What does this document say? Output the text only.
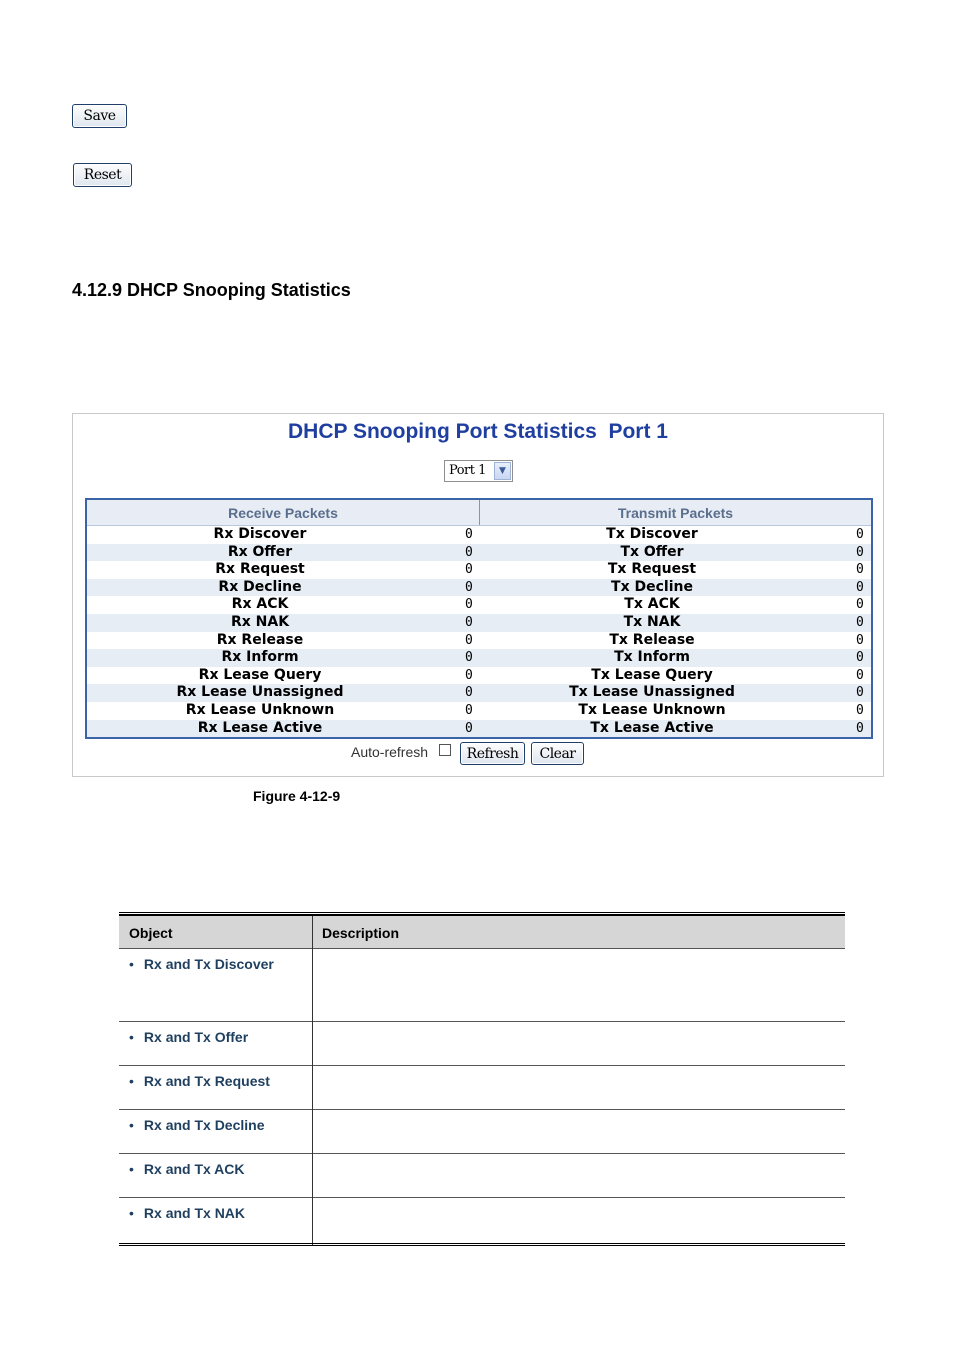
Save
Reset
4.12.9 DHCP Snooping Statistics
DHCP Snooping Port Statistics  Port 1
Port 1	▼
Receive Packets	Transmit Packets
Rx Discover	0	Tx Discover	0
Rx Offer	0	Tx Offer	0
Rx Request	0	Tx Request	0
Rx Decline	0	Tx Decline	0
Rx ACK	0	Tx ACK	0
Rx NAK	0	Tx NAK	0
Rx Release	0	Tx Release	0
Rx Inform	0	Tx Inform	0
Rx Lease Query	0	Tx Lease Query	0
Rx Lease Unassigned	0	Tx Lease Unassigned	0
Rx Lease Unknown	0	Tx Lease Unknown	0
Rx Lease Active	0	Tx Lease Active	0
Auto-refresh	Refresh	Clear
Figure 4-12-9
Object	Description
• Rx and Tx Discover
• Rx and Tx Offer
• Rx and Tx Request
• Rx and Tx Decline
• Rx and Tx ACK
• Rx and Tx NAK
